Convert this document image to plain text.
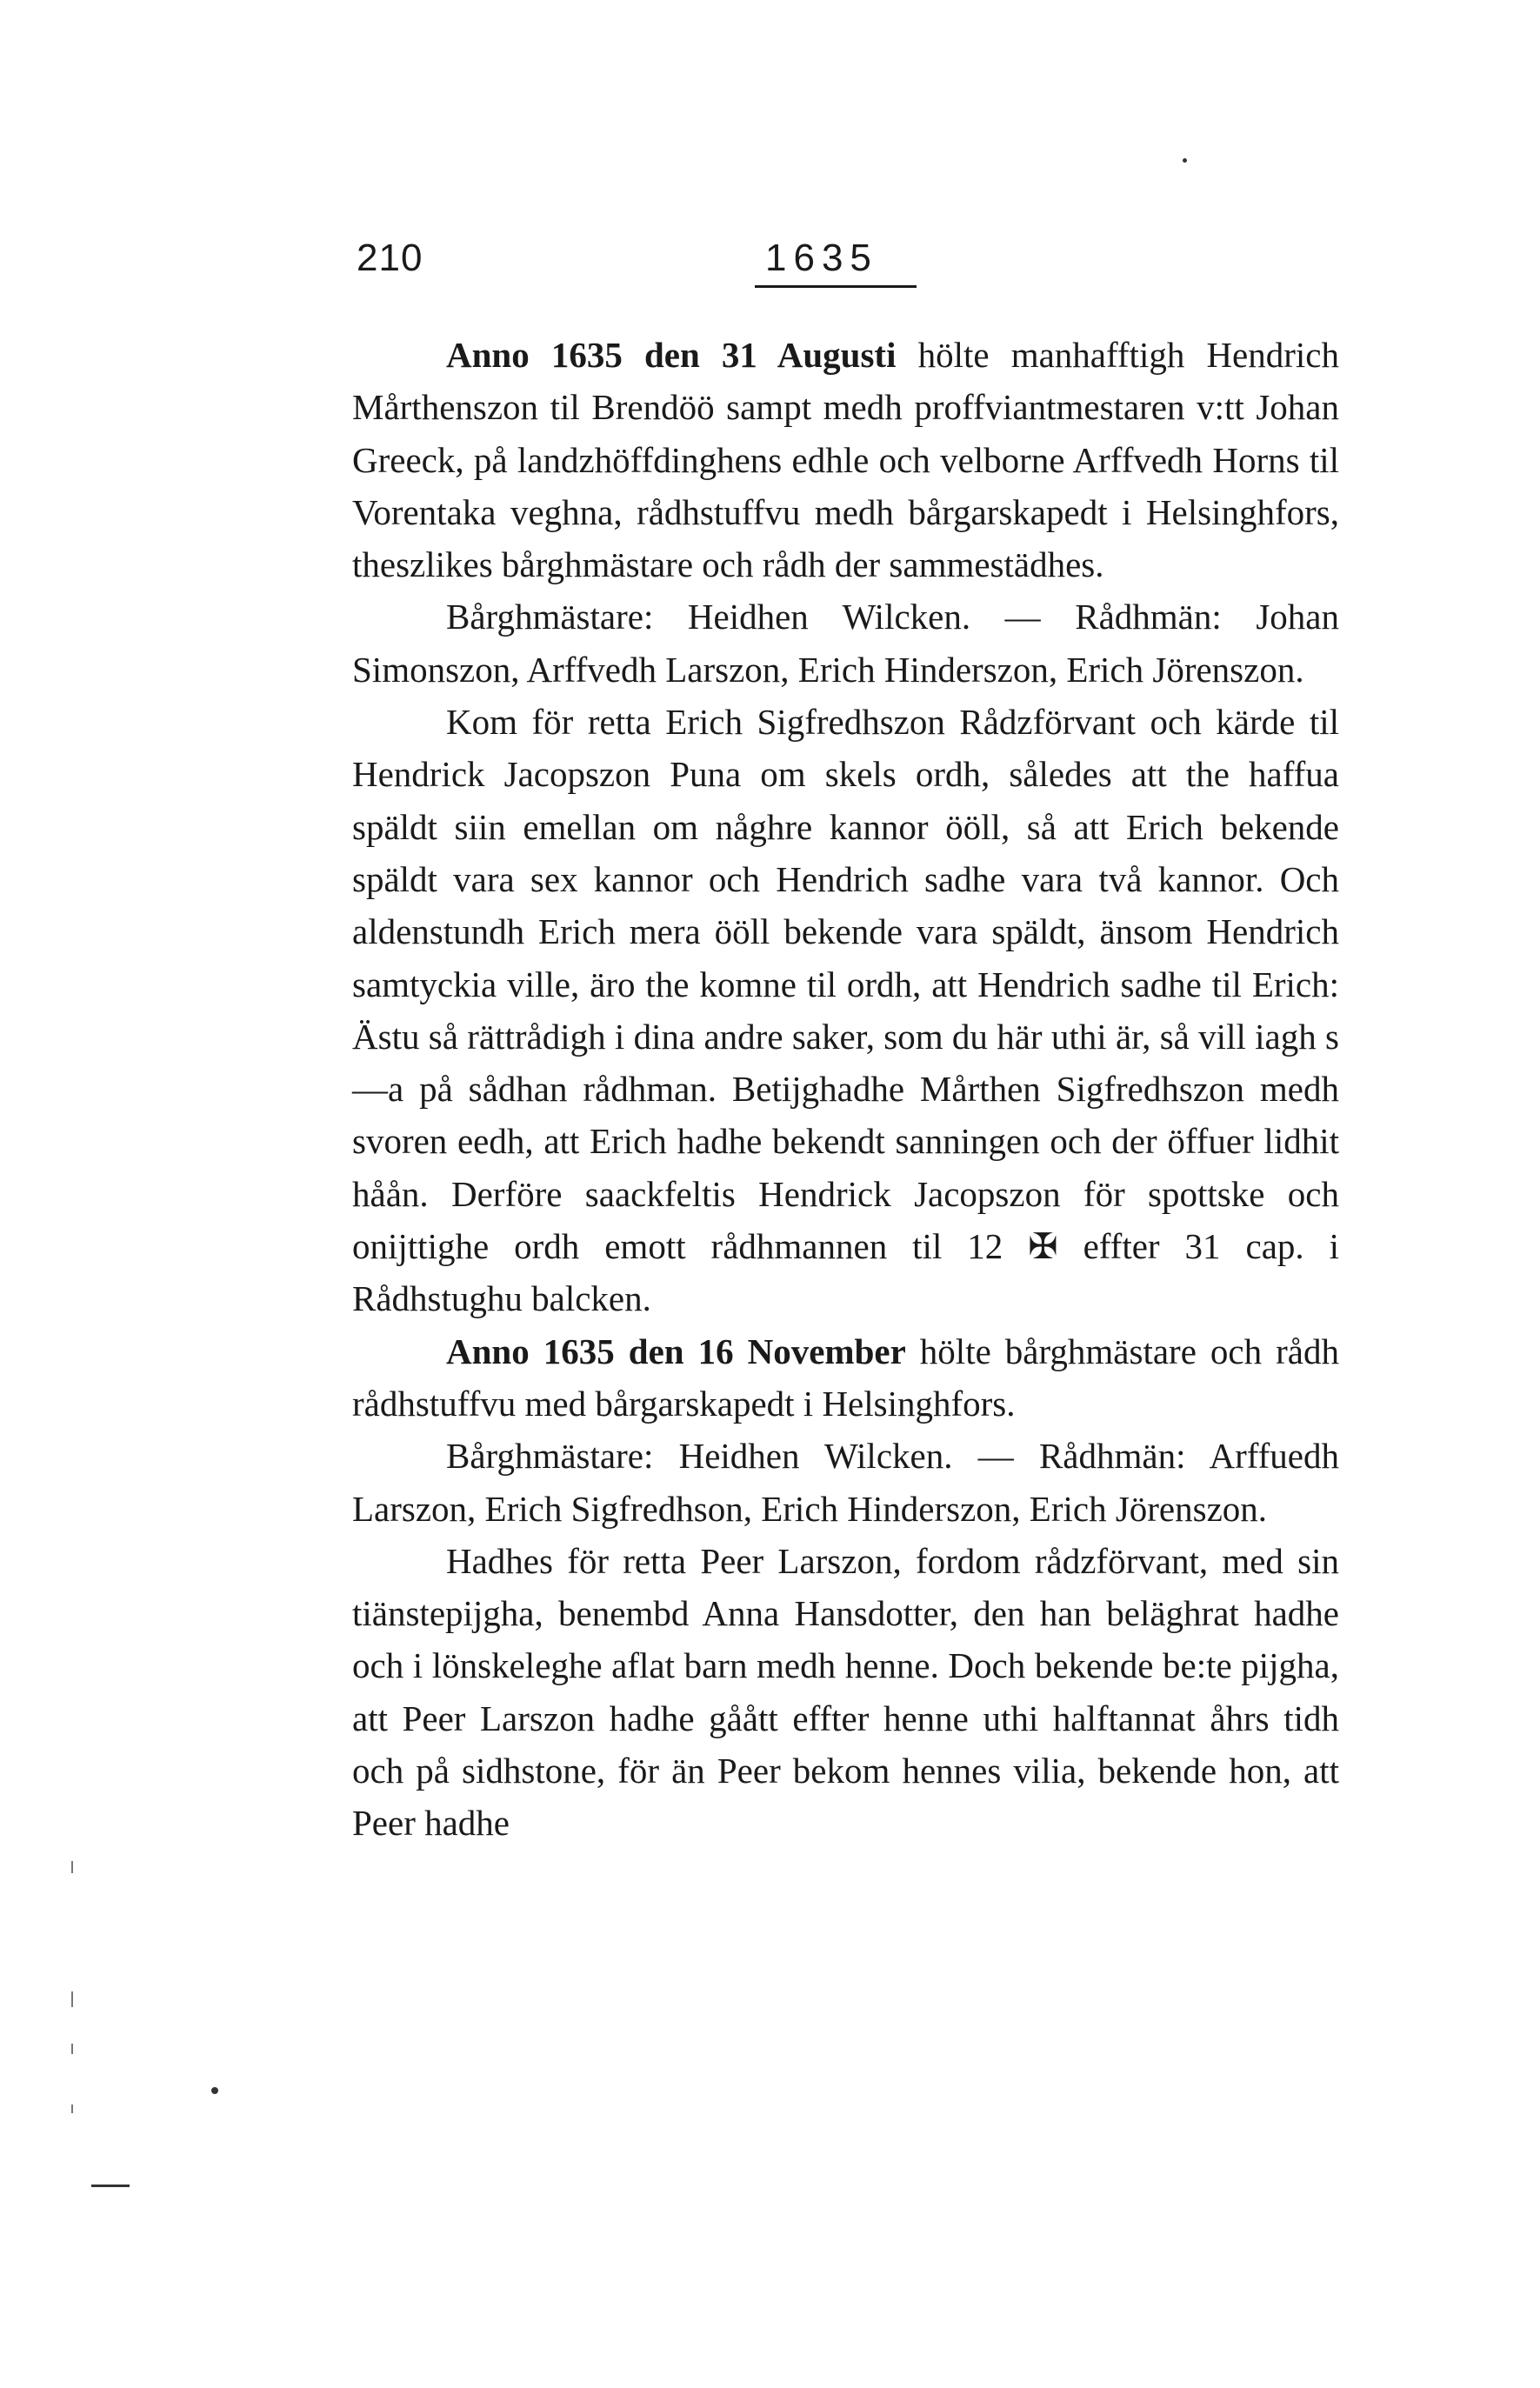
210	1635

Anno 1635 den 31 Augusti hölte manhafftigh Hendrich Mårthenszon til Brendöö sampt medh proffviantmestaren v:tt Johan Greeck, på landzhöffdinghens edhle och velborne Arffvedh Horns til Vorentaka veghna, rådhstuffvu medh bårgarskapedt i Helsinghfors, theszlikes bårghmästare och rådh der sammestädhes.

Bårghmästare: Heidhen Wilcken. — Rådhmän: Johan Simonszon, Arffvedh Larszon, Erich Hinderszon, Erich Jörenszon.

Kom för retta Erich Sigfredhszon Rådzförvant och kärde til Hendrick Jacopszon Puna om skels ordh, således att the haffua späldt siin emellan om någhre kannor ööll, så att Erich bekende späldt vara sex kannor och Hendrich sadhe vara två kannor. Och aldenstundh Erich mera ööll bekende vara späldt, änsom Hendrich samtyckia ville, äro the komne til ordh, att Hendrich sadhe til Erich: Ästu så rättrådigh i dina andre saker, som du här uthi är, så vill iagh s—a på sådhan rådhman. Betijghadhe Mårthen Sigfredhszon medh svoren eedh, att Erich hadhe bekendt sanningen och der öffuer lidhit håån. Derföre saackfeltis Hendrick Jacopszon för spottske och onijttighe ordh emott rådhmannen til 12 ✠ effter 31 cap. i Rådhstughu balcken.

Anno 1635 den 16 November hölte bårghmästare och rådh rådhstuffvu med bårgarskapedt i Helsinghfors.

Bårghmästare: Heidhen Wilcken. — Rådhmän: Arffuedh Larszon, Erich Sigfredhson, Erich Hinderszon, Erich Jörenszon.

Hadhes för retta Peer Larszon, fordom rådzförvant, med sin tiänstepijgha, benembd Anna Hansdotter, den han beläghrat hadhe och i lönskeleghe aflat barn medh henne. Doch bekende be:te pijgha, att Peer Larszon hadhe gåått effter henne uthi halftannat åhrs tidh och på sidhstone, för än Peer bekom hennes vilia, bekende hon, att Peer hadhe
